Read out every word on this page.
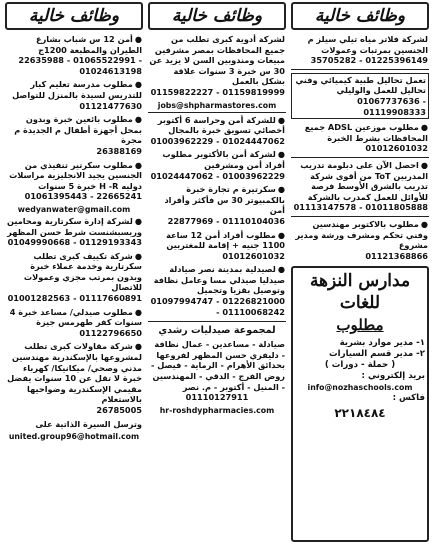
وظائف خالية
لشركة فلاتر مياه تيلي سيلز م الجنسين بمرتبات وعمولات
35705282 - 01225396149
تعمل تحاليل طبية كيميائي وفني تحاليل للعمل والوليلي
01067737636 - 01119908333
●مطلوب موزعين ADSL جميع المحافظات بشرط الخبرة
01012601032
●احصل الآن على دبلومة تدريب المدربين ToT من أقوى شركة تدريب بالشرق الأوسط فرصة للأوائل للعمل كمدرب بالشركة
01113147578 - 01011805888
●مطلوب بالاكتوبر مهندسين وفني تحكم ومشرف ورشة ومدير مشروع
01121368866
مدارس النزهة للغات
مطلوب
١- مدير موارد بشرية
٢- مدير قسم السيارات
( حملة - دورات )
بريد إلكتروني :
info@nozhaschools.com
فاكس :
٢٢١٨٤٨٤
وظائف خالية
لشركة أدوية كبرى تطلب من جميع المحافظات بمصر مشرفين مبيعات ومندوبين السن لا يزيد عن 30 س خبرة 3 سنوات علاقة بشكل بالعمل
01159822227 - 01159819999
jobs@shpharmastores.com
●للشركة أمن وحراسة 6 أكتوبر أخصائي تسويق خبرة بالمجال
01003962229 - 01024447062
●لشركة أمن بالأكتوبر مطلوب أفراد أمن ومشرفين
01024447062 - 01003962229
●سكرتيرة م تجارة خبرة بالكمبيوتر 30 س فأكثر وأفراد أمن
22877969 - 01110104036
●مطلوب أفراد أمن 12 ساعة 1100 جنيه + إقامة للمغتربين
01012601032
●لصيدلية بمدينة نصر صيادلة صيدليا صيدلي مسا وعامل نظافة وتوصيل بقزيا وتجميل
01097994747 - 01226821000 - 01110068242
لمجموعة صيدليات رشدي
صيادلة - مساعدين - عمال نظافة - دليفري حسن المظهر لفروعها بحدائق الأهرام - الرماية - فيصل - روض الفرج - الدقي - المهندسين - المنيل - أكتوبر - م. نصر
01110127911
hr-roshdypharmacies.com
وظائف خالية
●أمن 12 س شباب بشارع الطيران والمطبعة 1200ج
22635988 - 01065522991 - 01024613198
●مطلوب مدرسة تعليم كبار للتدريس لسيدة بالمنزل للتواصل
01121477630
●مطلوب بائعين خبرة وبدون بمحل أجهزة أطفال م الجديدة م مجرة
26388169
●مطلوب سكرتير تنفيذي من الجنسين يجيد الانجليزية مراسلات دوليه H -R خبرة 5 سنوات
01061395443 - 22665241
wedyanwater@gmail.com
●لشركة إدارة سكرتارية ومحامين وريسبشنست شرط حسن المظهر
01049990668 - 01129193343
●شركة تكييف كبرى تطلب سكرتارية وخدمة عملاء خبرة وبدون بمرتب مجزي وعمولات للاتصال
01001282563 - 01117660891
●مطلوب صيدلي/ مساعد خبرة 4 سنوات كفر طهرمس جيزة
01122796650
●شركة مقاولات كبرى تطلب لمشروعها بالإسكندرية مهندسين مدني وصحي/ ميكانيكا/ كهرباء خبرة لا تقل عن 10 سنوات يفضل مقيمي الإسكندرية وضواحيها بالاستعلام
26785005
وترسل السيرة الذاتية على
united.group96@hotmail.com
